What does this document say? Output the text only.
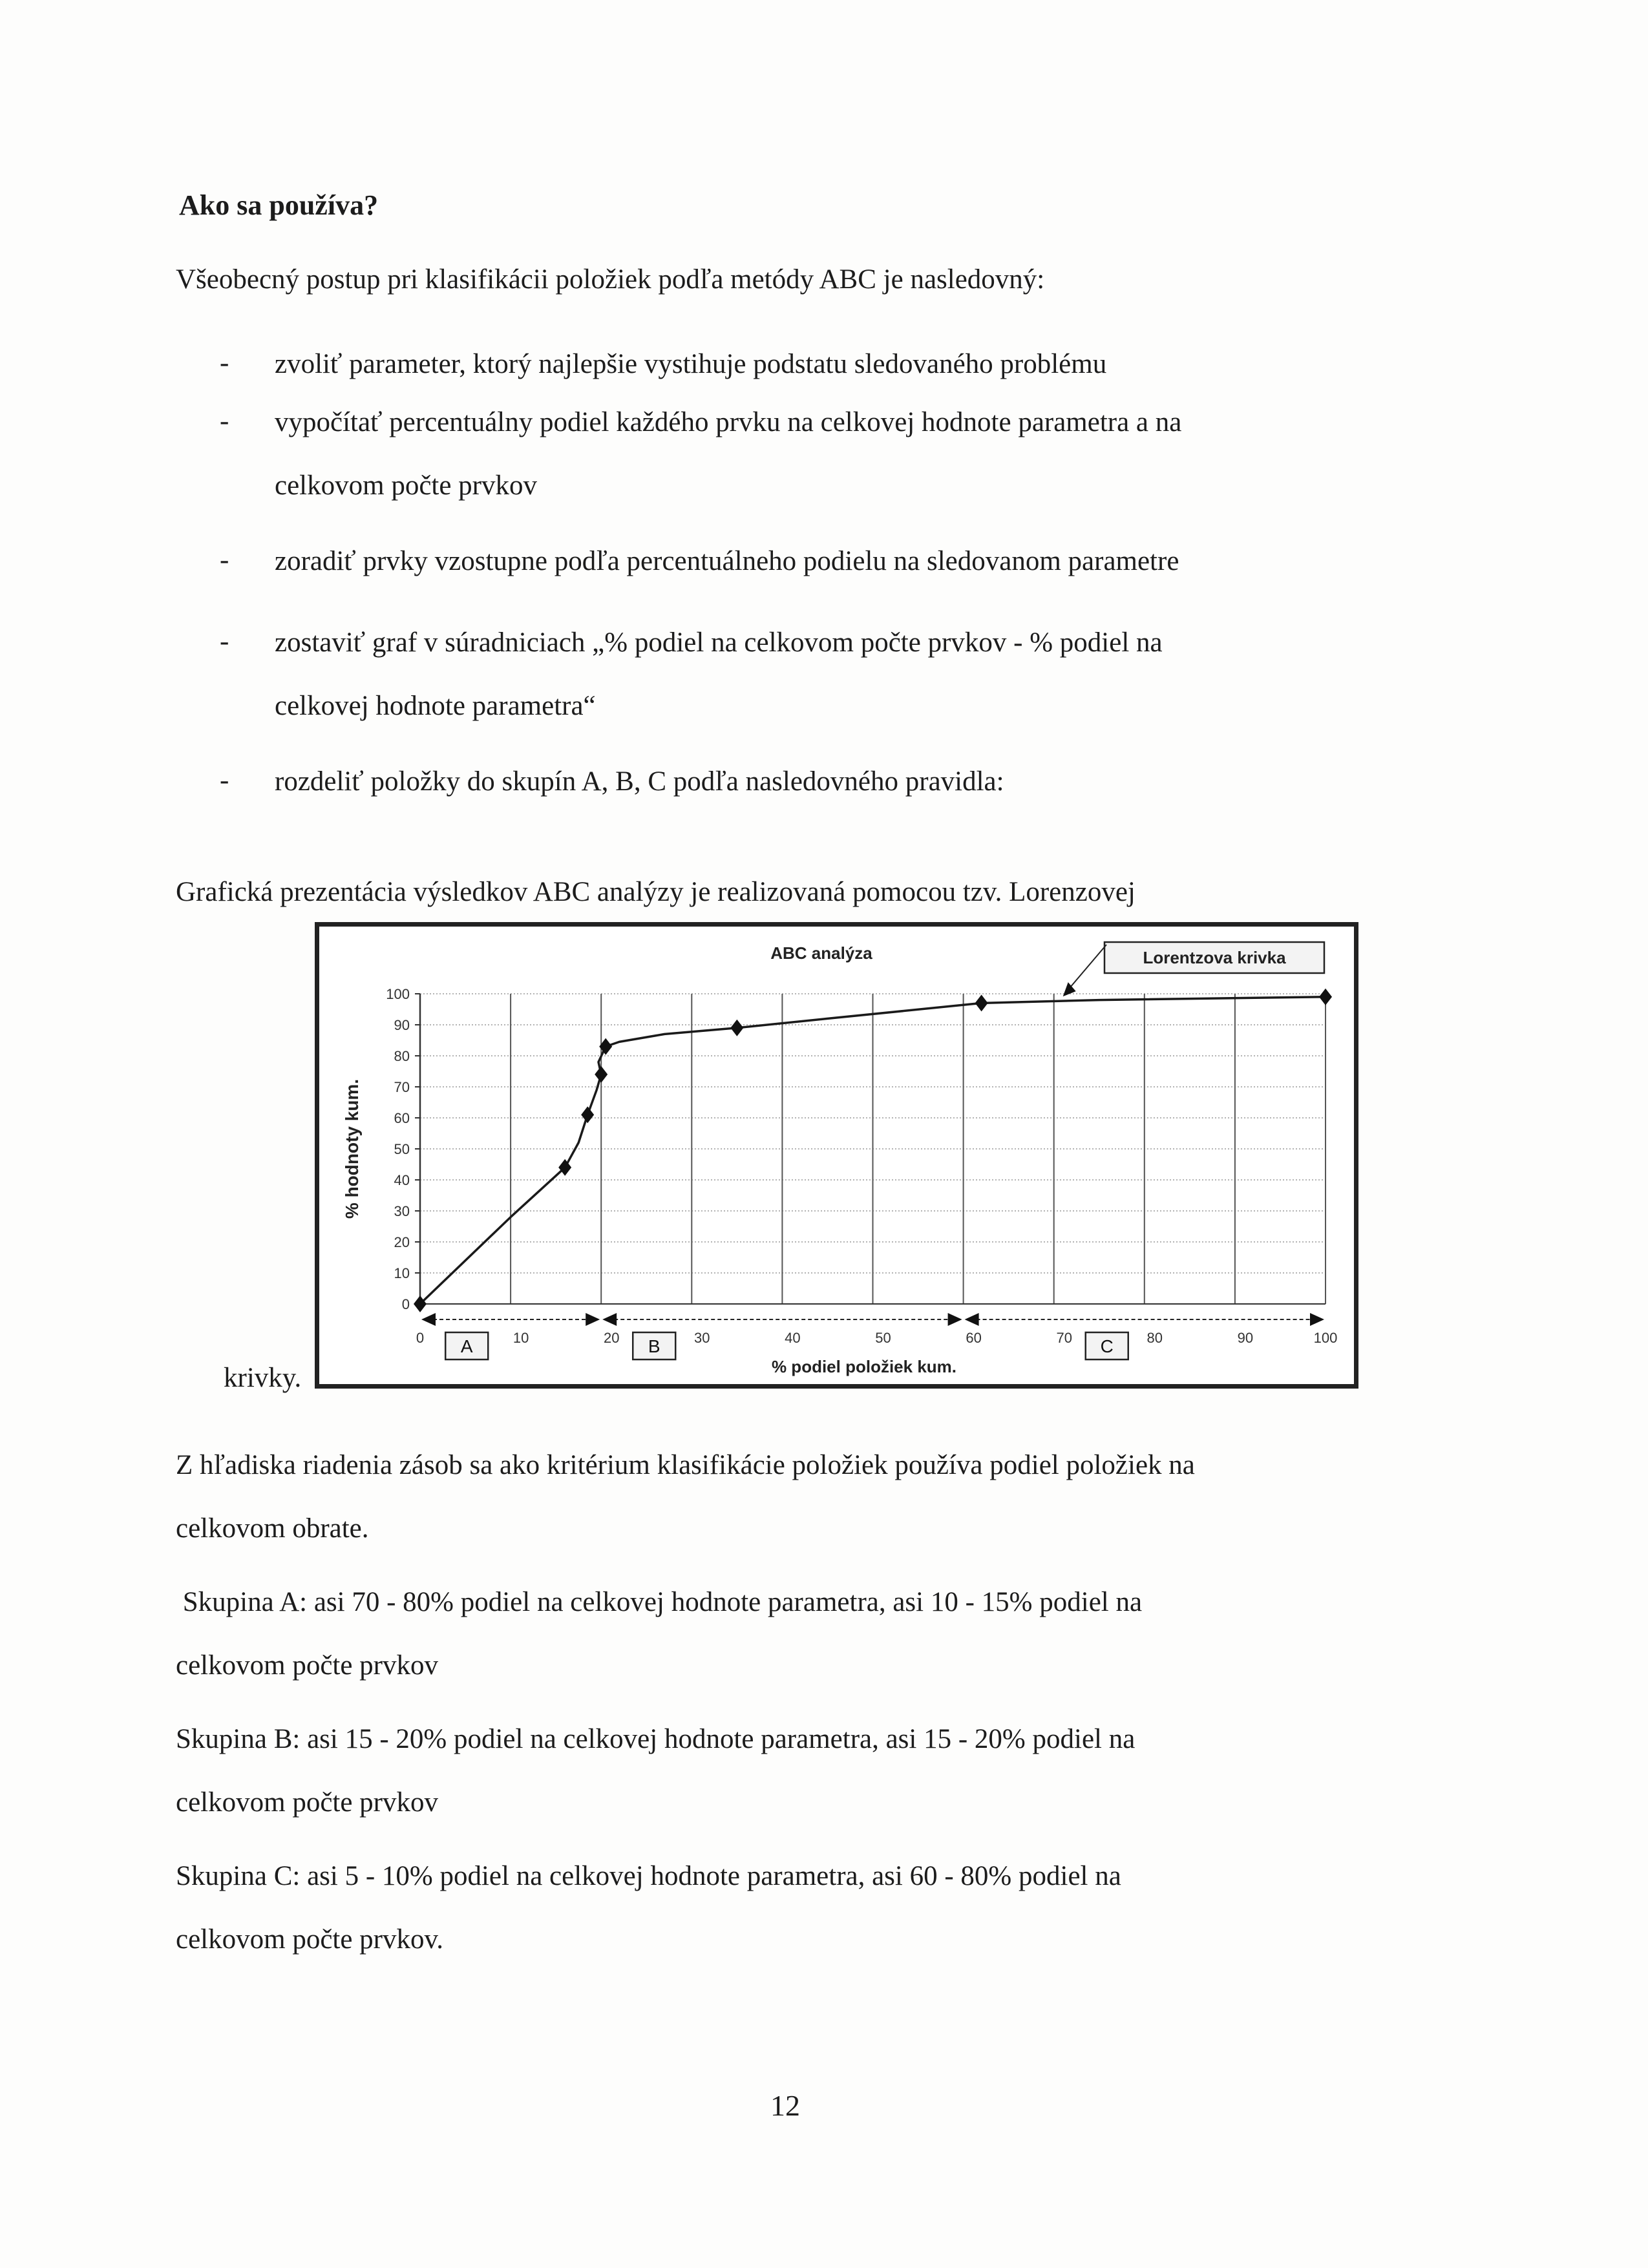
Ako sa používa?
Všeobecný postup pri klasifikácii položiek podľa metódy ABC je nasledovný:
- zvoliť parameter, ktorý najlepšie vystihuje podstatu sledovaného problému
- vypočítať percentuálny podiel každého prvku na celkovej hodnote parametra a na
celkovom počte prvkov
- zoradiť prvky vzostupne podľa percentuálneho podielu na sledovanom parametre
- zostaviť graf v súradniciach „% podiel na celkovom počte prvkov - % podiel na
celkovej hodnote parametra“
- rozdeliť položky do skupín A, B, C podľa nasledovného pravidla:
Grafická prezentácia výsledkov ABC analýzy je realizovaná pomocou tzv. Lorenzovej
krivky.
0
10
20
30
40
50
60
70
80
90
100
0	10	20	30	40	50	60	70	80	90	100
A	B	C
ABC analýza
% hodnoty kum.
% podiel položiek kum.
Lorentzova krivka
Z hľadiska riadenia zásob sa ako kritérium klasifikácie položiek používa podiel položiek na
celkovom obrate.
Skupina A: asi 70 - 80% podiel na celkovej hodnote parametra, asi 10 - 15% podiel na
celkovom počte prvkov
Skupina B: asi 15 - 20% podiel na celkovej hodnote parametra, asi 15 - 20% podiel na
celkovom počte prvkov
Skupina C: asi 5 - 10% podiel na celkovej hodnote parametra, asi 60 - 80% podiel na
celkovom počte prvkov.
12
